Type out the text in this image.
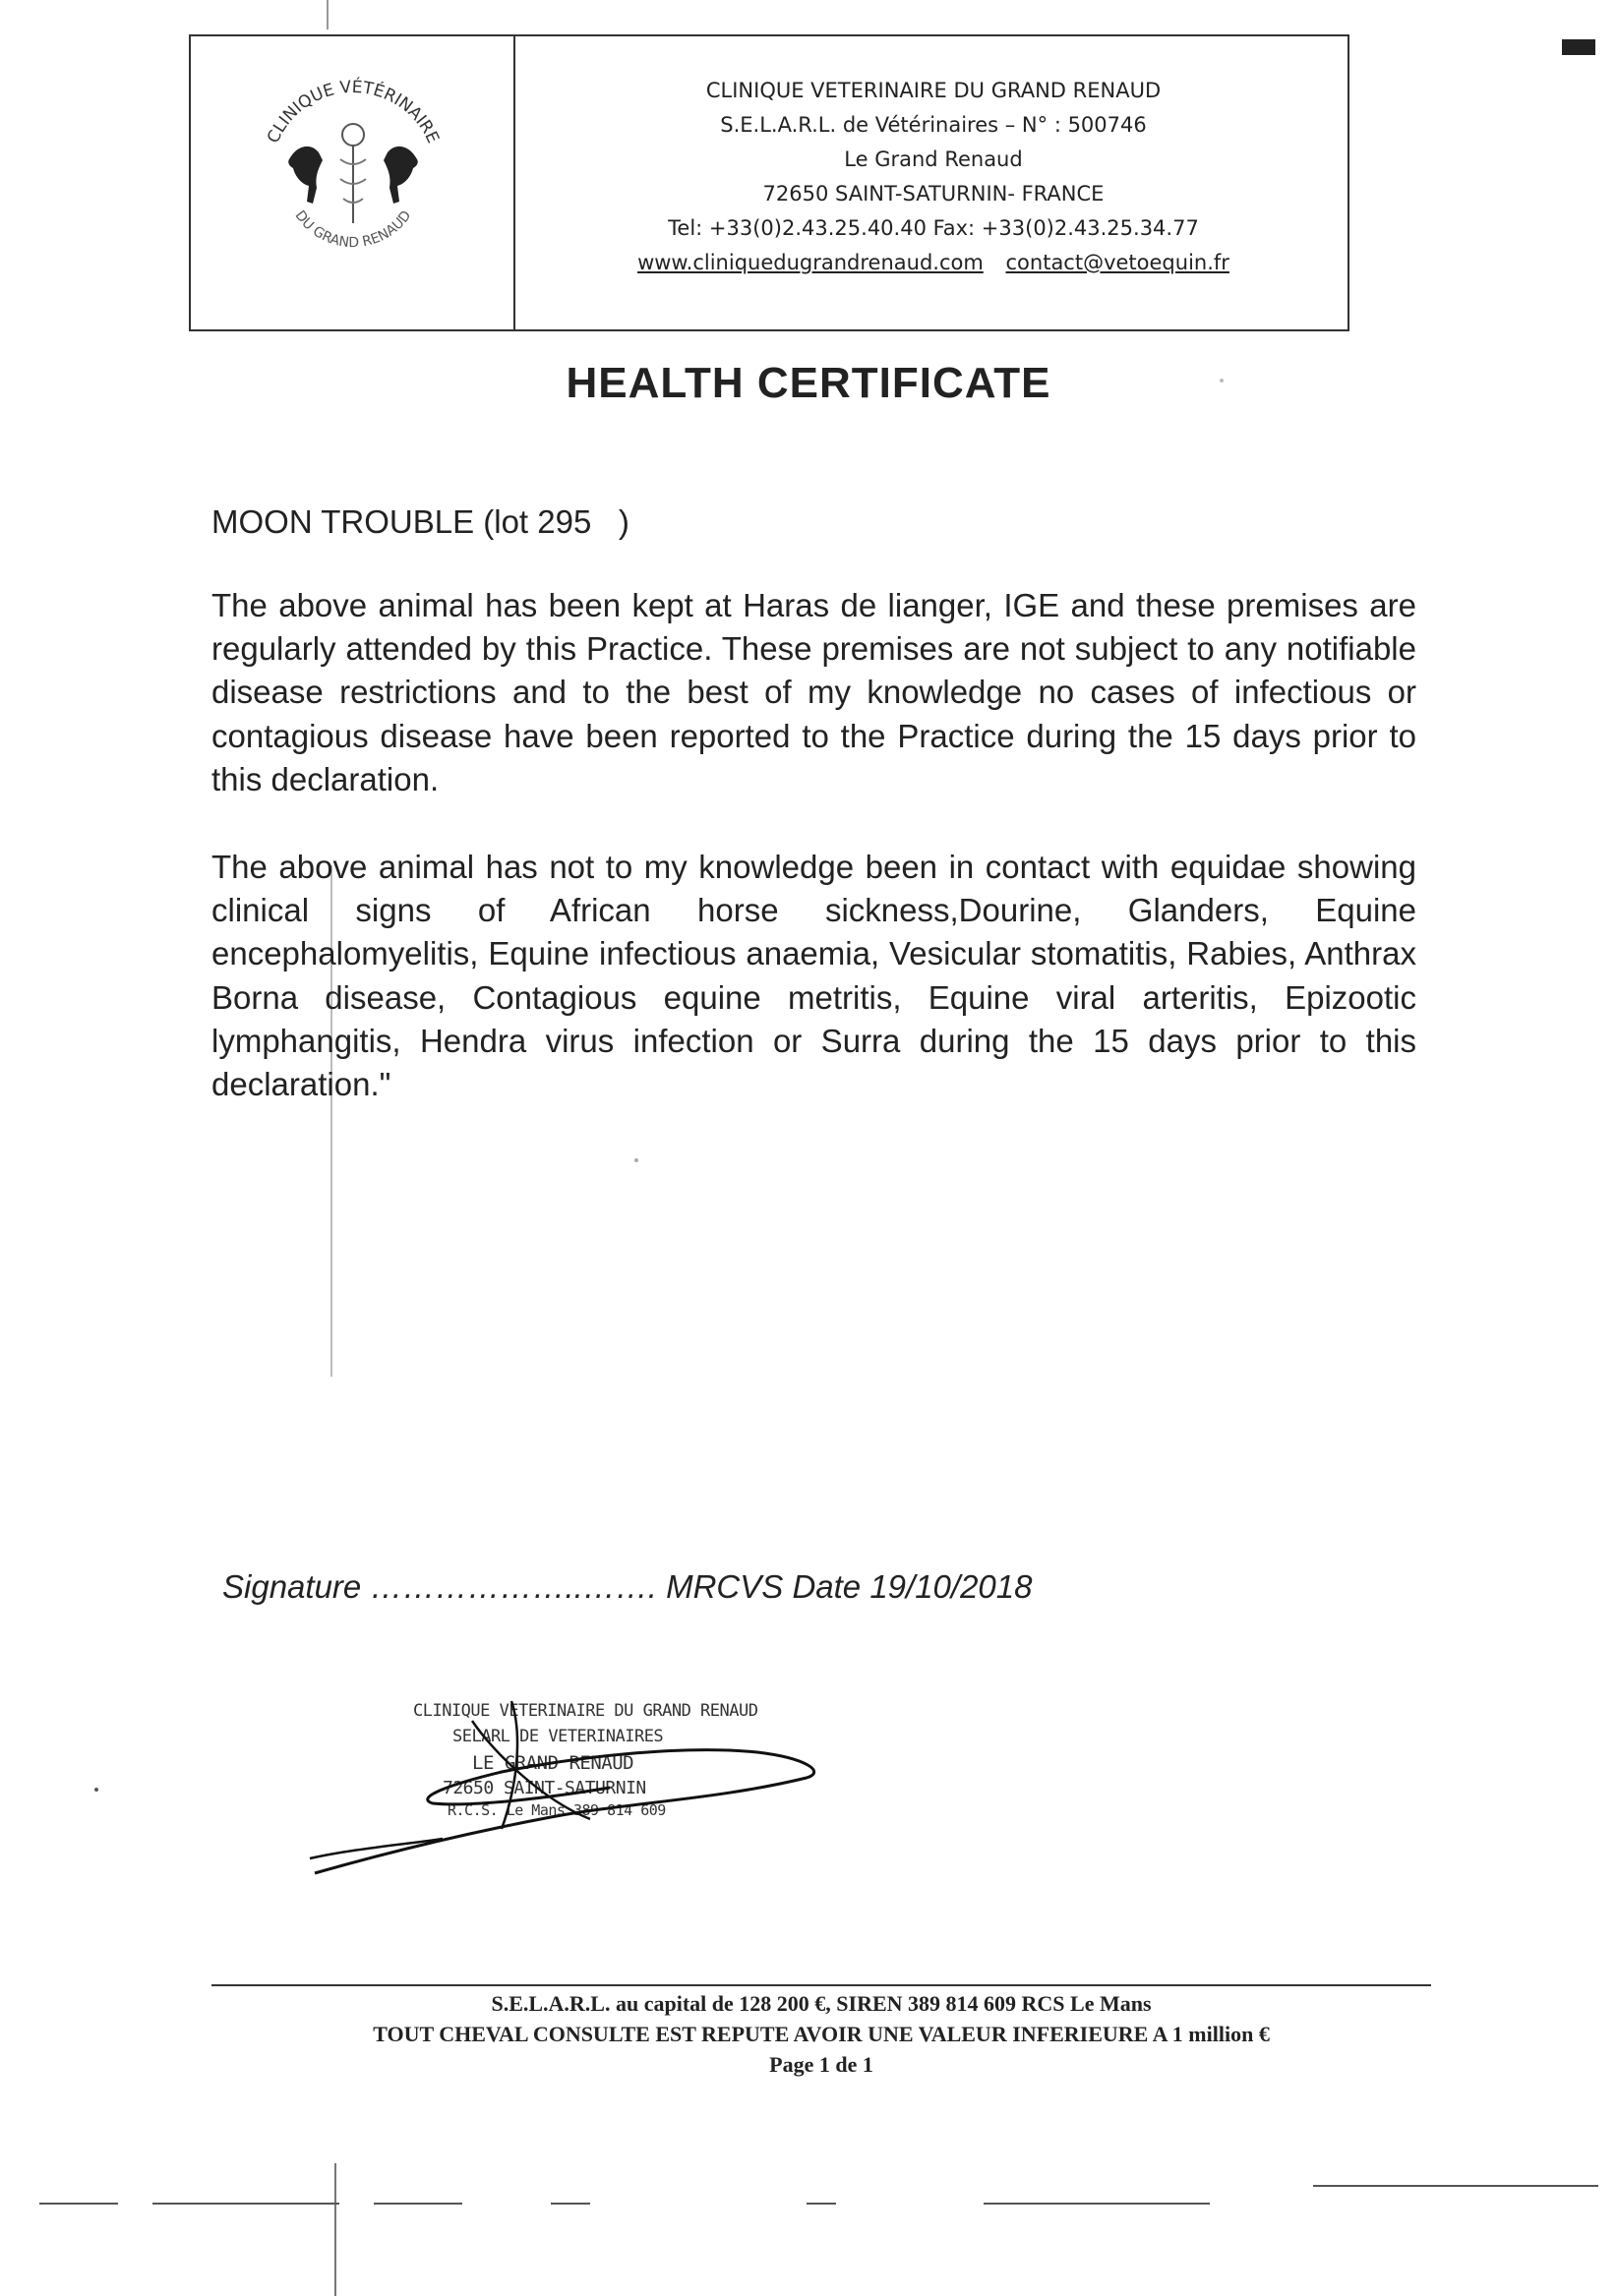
CLINIQUE VÉTÉRINAIRE
DU GRAND RENAUD
CLINIQUE VETERINAIRE DU GRAND RENAUD
S.E.L.A.R.L. de Vétérinaires – N° : 500746
Le Grand Renaud
72650 SAINT-SATURNIN- FRANCE
Tel: +33(0)2.43.25.40.40 Fax: +33(0)2.43.25.34.77
www.cliniquedugrandrenaud.com contact@vetoequin.fr
HEALTH CERTIFICATE
MOON TROUBLE (lot 295   )
The above animal has been kept at Haras de lianger, IGE and these premises are regularly attended by this Practice. These premises are not subject to any notifiable disease restrictions and to the best of my knowledge no cases of infectious or contagious disease have been reported to the Practice during the 15 days prior to this declaration.
The above animal has not to my knowledge been in contact with equidae showing clinical signs of African horse sickness,Dourine, Glanders, Equine encephalomyelitis, Equine infectious anaemia, Vesicular stomatitis, Rabies, Anthrax Borna disease, Contagious equine metritis, Equine viral arteritis, Epizootic lymphangitis, Hendra virus infection or Surra during the 15 days prior to this declaration."
Signature ………………..……. MRCVS Date 19/10/2018
CLINIQUE VETERINAIRE DU GRAND RENAUD
SELARL DE VETERINAIRES
LE GRAND RENAUD
72650 SAINT-SATURNIN
R.C.S. Le Mans 389 814 609
S.E.L.A.R.L. au capital de 128 200 €, SIREN 389 814 609 RCS Le Mans
TOUT CHEVAL CONSULTE EST REPUTE AVOIR UNE VALEUR INFERIEURE A 1 million €
Page 1 de 1
